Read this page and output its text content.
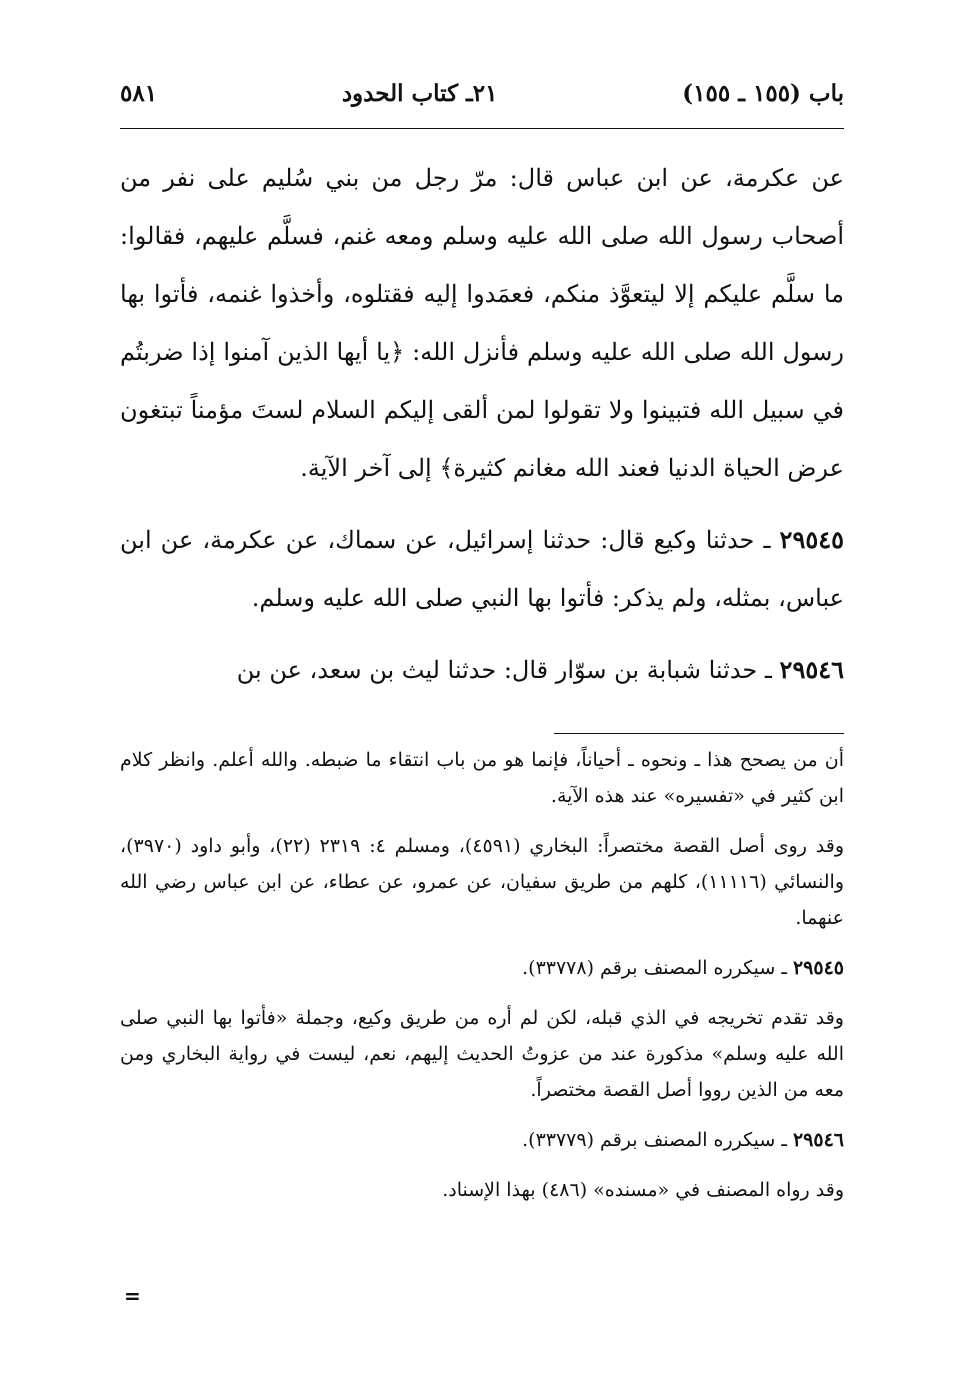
باب (١٥٥ ـ ١٥٥)
٢١ـ كتاب الحدود
٥٨١

عن عكرمة، عن ابن عباس قال: مرّ رجل من بني سُليم على نفر من أصحاب رسول الله صلى الله عليه وسلم ومعه غنم، فسلَّم عليهم، فقالوا: ما سلَّم عليكم إلا ليتعوَّذ منكم، فعمَدوا إليه فقتلوه، وأخذوا غنمه، فأتوا بها رسول الله صلى الله عليه وسلم فأنزل الله: ﴿يا أيها الذين آمنوا إذا ضربتُم في سبيل الله فتبينوا ولا تقولوا لمن ألقى إليكم السلام لستَ مؤمناً تبتغون عرض الحياة الدنيا فعند الله مغانم كثيرة﴾ إلى آخر الآية.

٢٩٥٤٥ ـ حدثنا وكيع قال: حدثنا إسرائيل، عن سماك، عن عكرمة، عن ابن عباس، بمثله، ولم يذكر: فأتوا بها النبي صلى الله عليه وسلم.

٢٩٥٤٦ ـ حدثنا شبابة بن سوّار قال: حدثنا ليث بن سعد، عن بن

أن من يصحح هذا ـ ونحوه ـ أحياناً، فإنما هو من باب انتقاء ما ضبطه. والله أعلم. وانظر كلام ابن كثير في «تفسيره» عند هذه الآية.

وقد روى أصل القصة مختصراً: البخاري (٤٥٩١)، ومسلم ٤: ٢٣١٩ (٢٢)، وأبو داود (٣٩٧٠)، والنسائي (١١١١٦)، كلهم من طريق سفيان، عن عمرو، عن عطاء، عن ابن عباس رضي الله عنهما.

٢٩٥٤٥ ـ سيكرره المصنف برقم (٣٣٧٧٨).

وقد تقدم تخريجه في الذي قبله، لكن لم أره من طريق وكيع، وجملة «فأتوا بها النبي صلى الله عليه وسلم» مذكورة عند من عزوتُ الحديث إليهم، نعم، ليست في رواية البخاري ومن معه من الذين رووا أصل القصة مختصراً.

٢٩٥٤٦ ـ سيكرره المصنف برقم (٣٣٧٧٩).

وقد رواه المصنف في «مسنده» (٤٨٦) بهذا الإسناد.

=
